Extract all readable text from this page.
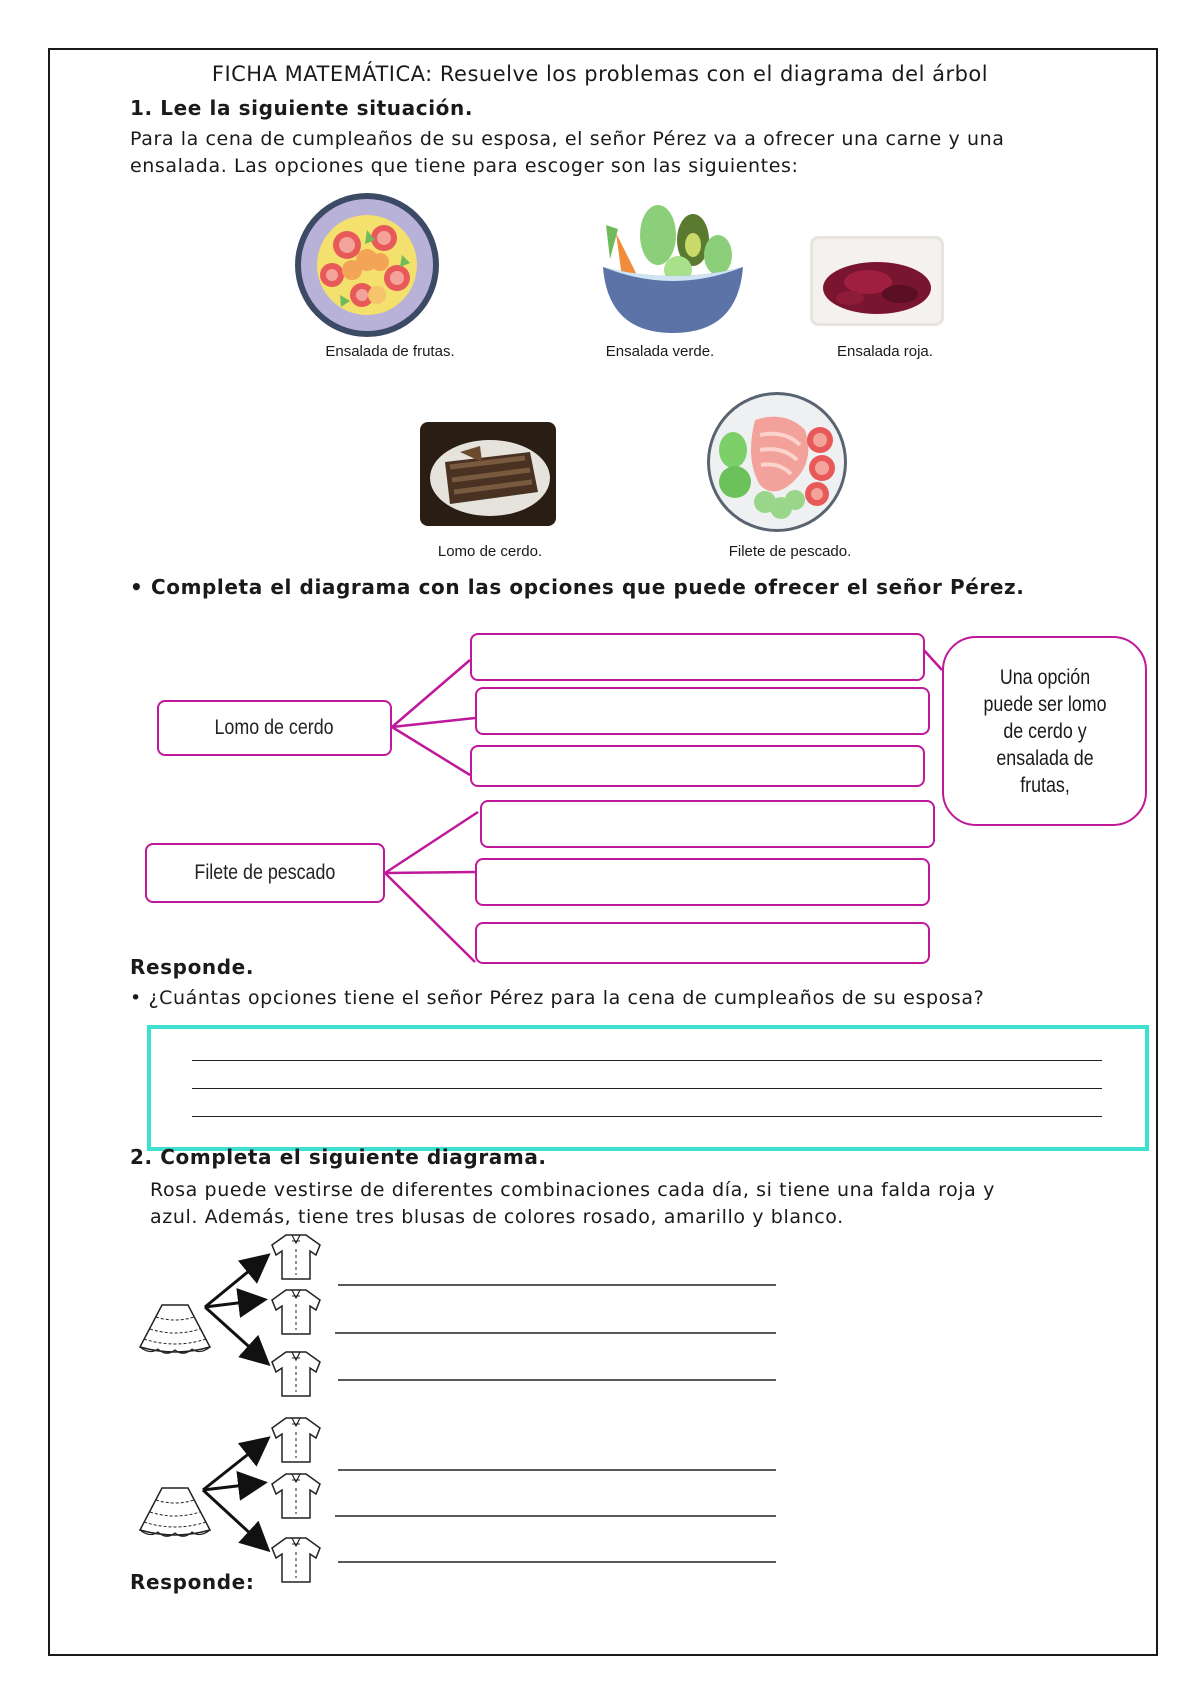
FICHA MATEMÁTICA: Resuelve los problemas con el diagrama del árbol
1. Lee la siguiente situación.
Para la cena de cumpleaños de su esposa, el señor Pérez va a ofrecer una carne y una
ensalada. Las opciones que tiene para escoger son las siguientes:
Ensalada de frutas.	Ensalada verde.	Ensalada roja.
Lomo de cerdo.	Filete de pescado.
• Completa el diagrama con las opciones que puede ofrecer el señor Pérez.
Lomo de cerdo
Filete de pescado
Una opción puede ser lomo de cerdo y ensalada de frutas,
Responde.
• ¿Cuántas opciones tiene el señor Pérez para la cena de cumpleaños de su esposa?
2. Completa el siguiente diagrama.
Rosa puede vestirse de diferentes combinaciones cada día, si tiene una falda roja y
azul. Además, tiene tres blusas de colores rosado, amarillo y blanco.
Responde:
